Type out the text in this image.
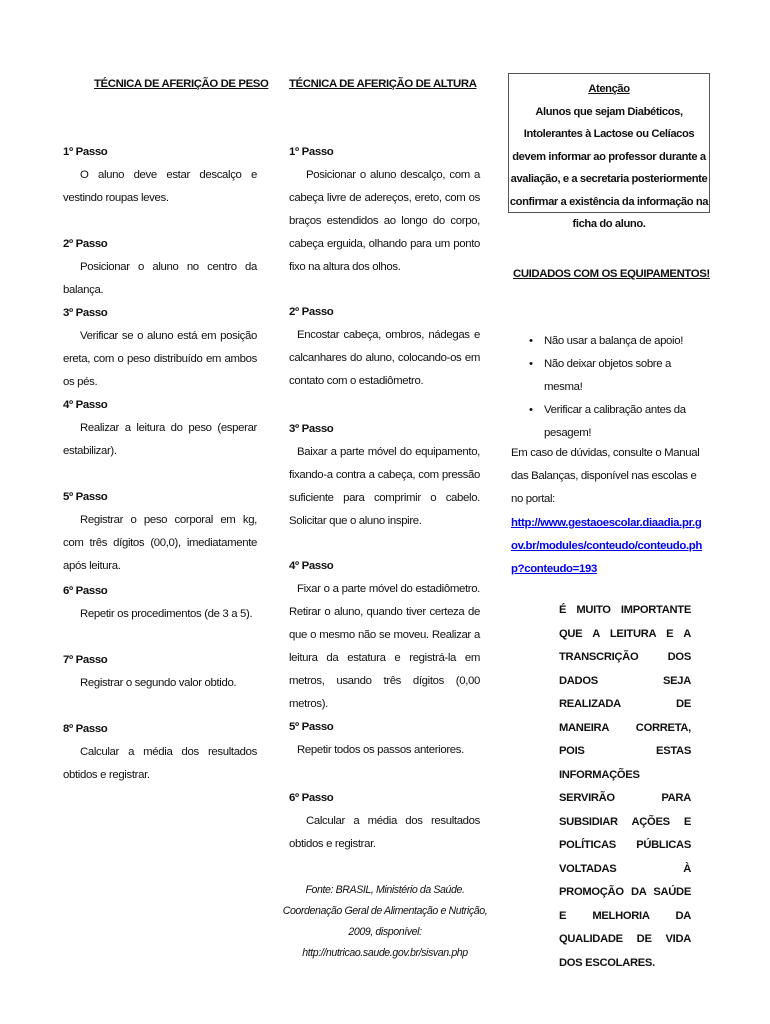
TÉCNICA DE AFERIÇÃO DE PESO
1º Passo
O aluno deve estar descalço e vestindo roupas leves.
2º Passo
Posicionar o aluno no centro da balança.
3º Passo
Verificar se o aluno está em posição ereta, com o peso distribuído em ambos os pés.
4º Passo
Realizar a leitura do peso (esperar estabilizar).
5º Passo
Registrar o peso corporal em kg, com três dígitos (00,0), imediatamente após leitura.
6º Passo
Repetir os procedimentos (de 3 a 5).
7º Passo
Registrar o segundo valor obtido.
8º Passo
Calcular a média dos resultados obtidos e registrar.
TÉCNICA DE AFERIÇÃO DE ALTURA
1º Passo
Posicionar o aluno descalço, com a cabeça livre de adereços, ereto, com os braços estendidos ao longo do corpo, cabeça erguida, olhando para um ponto fixo na altura dos olhos.
2º Passo
Encostar cabeça, ombros, nádegas e calcanhares do aluno, colocando-os em contato com o estadiômetro.
3º Passo
Baixar a parte móvel do equipamento, fixando-a contra a cabeça, com pressão suficiente para comprimir o cabelo. Solicitar que o aluno inspire.
4º Passo
Fixar o a parte móvel do estadiômetro. Retirar o aluno, quando tiver certeza de que o mesmo não se moveu. Realizar a leitura da estatura e registrá-la em metros, usando três dígitos (0,00 metros).
5º Passo
Repetir todos os passos anteriores.
6º Passo
Calcular a média dos resultados obtidos e registrar.
Fonte: BRASIL, Ministério da Saúde. Coordenação Geral de Alimentação e Nutrição, 2009, disponível: http://nutricao.saude.gov.br/sisvan.php
Atenção
Alunos que sejam Diabéticos, Intolerantes à Lactose ou Celíacos devem informar ao professor durante a avaliação, e a secretaria posteriormente confirmar a existência da informação na ficha do aluno.
CUIDADOS COM OS EQUIPAMENTOS!
• Não usar a balança de apoio!
• Não deixar objetos sobre a mesma!
• Verificar a calibração antes da pesagem!
Em caso de dúvidas, consulte o Manual das Balanças, disponível nas escolas e no portal:
http://www.gestaoescolar.diaadia.pr.gov.br/modules/conteudo/conteudo.php?conteudo=193
É MUITO IMPORTANTE QUE A LEITURA E A TRANSCRIÇÃO DOS DADOS SEJA REALIZADA DE MANEIRA CORRETA, POIS ESTAS INFORMAÇÕES SERVIRÃO PARA SUBSIDIAR AÇÕES E POLÍTICAS PÚBLICAS VOLTADAS À PROMOÇÃO DA SAÚDE E MELHORIA DA QUALIDADE DE VIDA DOS ESCOLARES.
